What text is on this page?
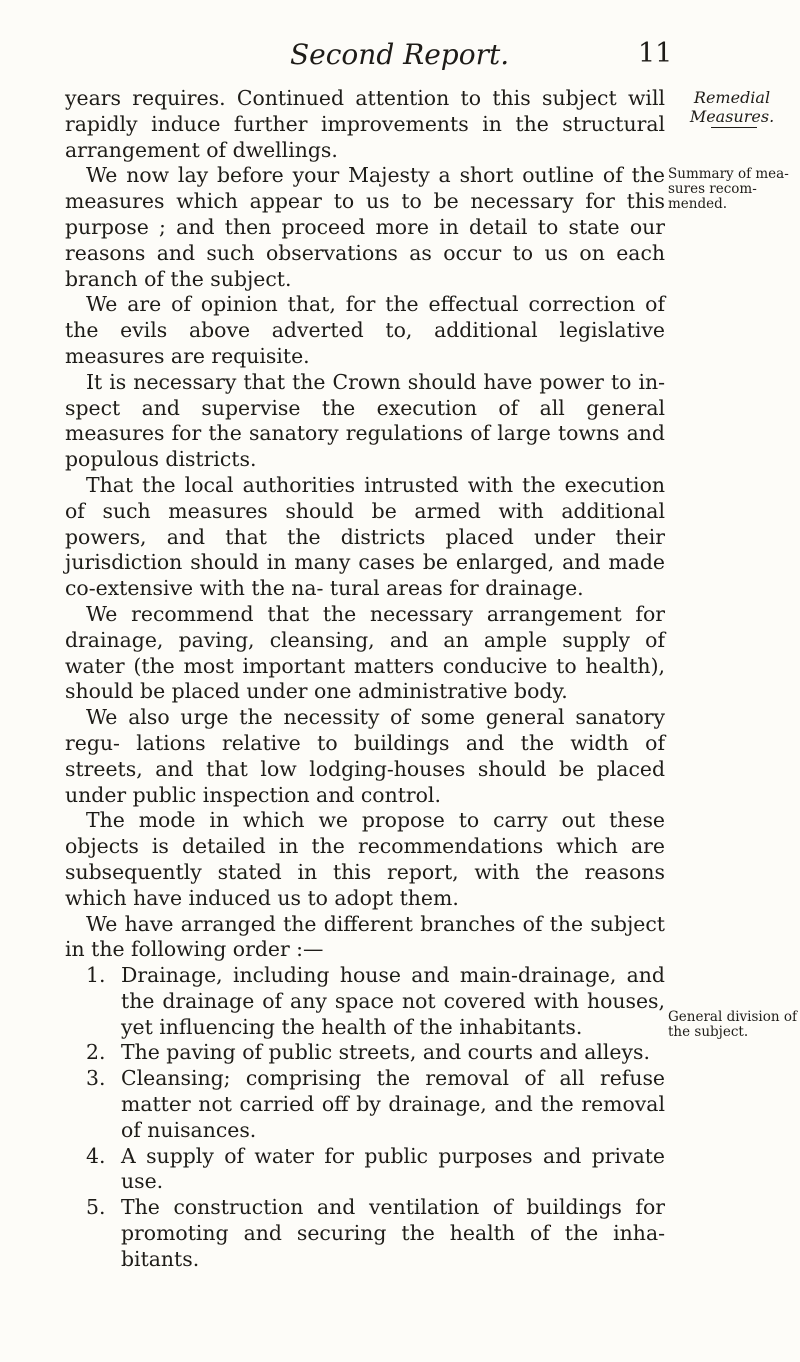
Second Report.	11
Remedial Measures.
Summary of mea- sures recom- mended.
General division of the subject.

years requires. Continued attention to this subject will rapidly induce further improvements in the structural arrangement of dwellings.

We now lay before your Majesty a short outline of the measures which appear to us to be necessary for this purpose ; and then proceed more in detail to state our reasons and such observations as occur to us on each branch of the subject.

We are of opinion that, for the effectual correction of the evils above adverted to, additional legislative measures are requisite.

It is necessary that the Crown should have power to in- spect and supervise the execution of all general measures for the sanatory regulations of large towns and populous districts.

That the local authorities intrusted with the execution of such measures should be armed with additional powers, and that the districts placed under their jurisdiction should in many cases be enlarged, and made co-extensive with the na- tural areas for drainage.

We recommend that the necessary arrangement for drainage, paving, cleansing, and an ample supply of water (the most important matters conducive to health), should be placed under one administrative body.

We also urge the necessity of some general sanatory regu- lations relative to buildings and the width of streets, and that low lodging-houses should be placed under public inspection and control.

The mode in which we propose to carry out these objects is detailed in the recommendations which are subsequently stated in this report, with the reasons which have induced us to adopt them.

We have arranged the different branches of the subject in the following order :—

1. Drainage, including house and main-drainage, and the drainage of any space not covered with houses, yet influencing the health of the inhabitants.
2. The paving of public streets, and courts and alleys.
3. Cleansing; comprising the removal of all refuse matter not carried off by drainage, and the removal of nuisances.
4. A supply of water for public purposes and private use.
5. The construction and ventilation of buildings for promoting and securing the health of the inha- bitants.
